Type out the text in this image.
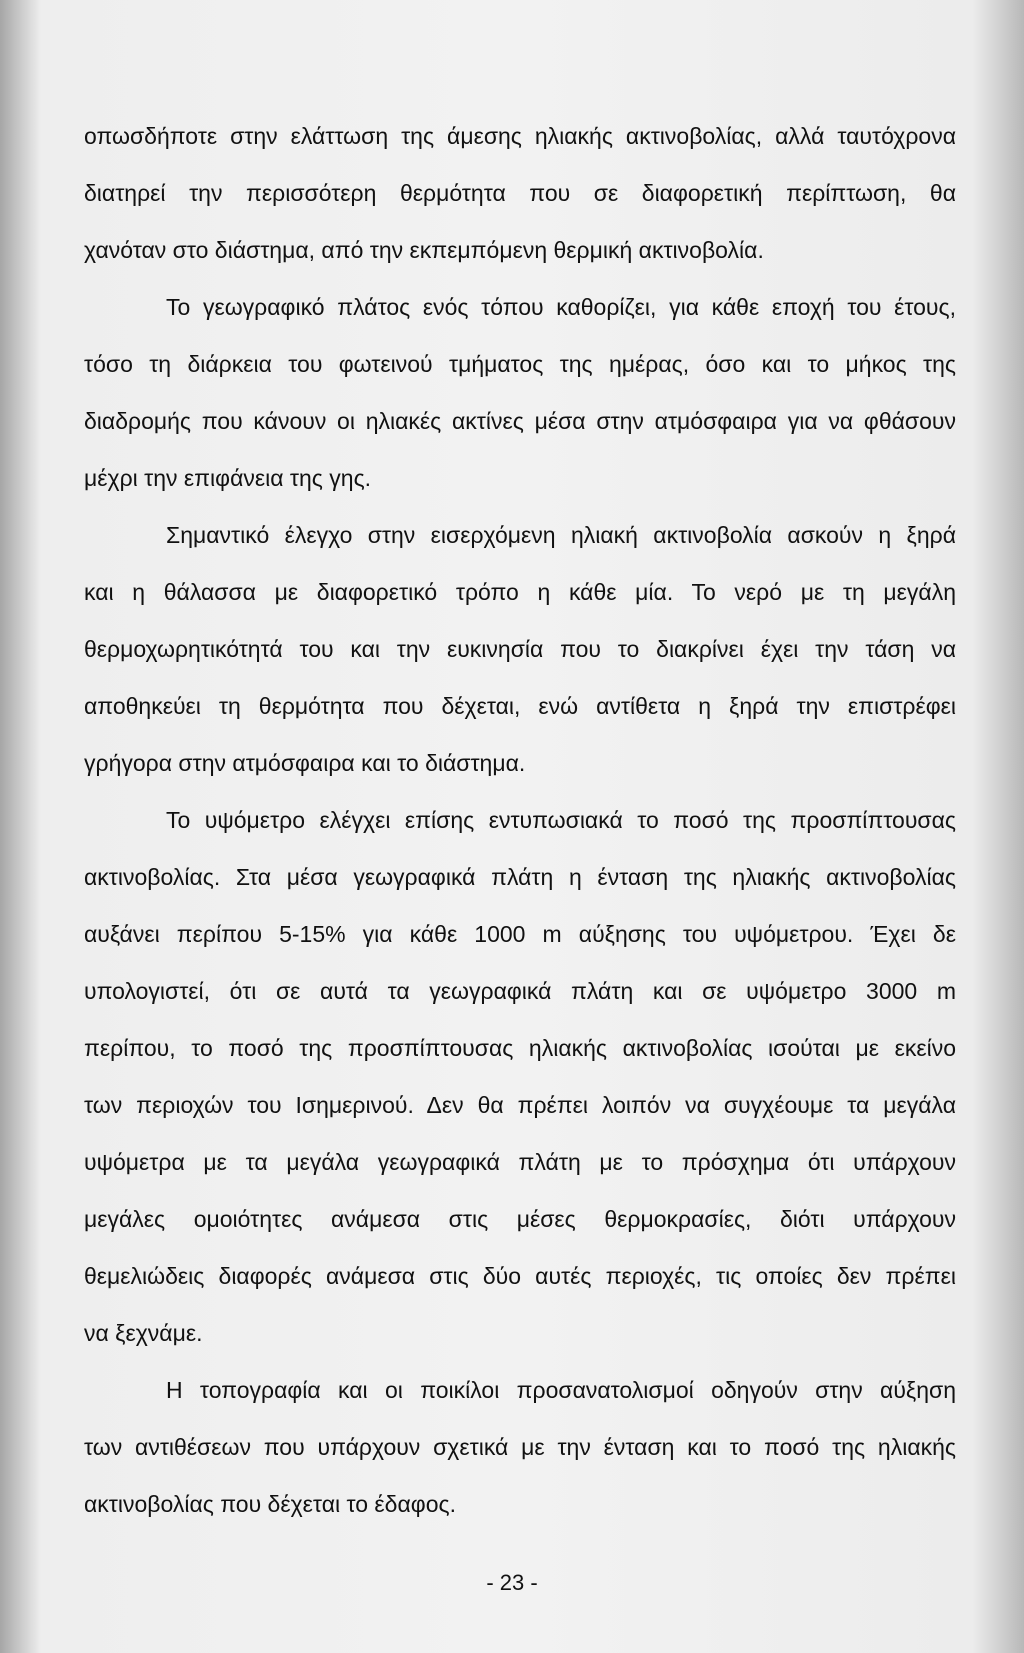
οπωσδήποτε στην ελάττωση της άμεσης ηλιακής ακτινοβολίας, αλλά ταυτόχρονα
διατηρεί την περισσότερη θερμότητα που σε διαφορετική περίπτωση, θα
χανόταν στο διάστημα, από την εκπεμπόμενη θερμική ακτινοβολία.
Το γεωγραφικό πλάτος ενός τόπου καθορίζει, για κάθε εποχή του έτους,
τόσο τη διάρκεια του φωτεινού τμήματος της ημέρας, όσο και το μήκος της
διαδρομής που κάνουν οι ηλιακές ακτίνες μέσα στην ατμόσφαιρα για να φθάσουν
μέχρι την επιφάνεια της γης.
Σημαντικό έλεγχο στην εισερχόμενη ηλιακή ακτινοβολία ασκούν η ξηρά
και η θάλασσα με διαφορετικό τρόπο η κάθε μία. Το νερό με τη μεγάλη
θερμοχωρητικότητά του και την ευκινησία που το διακρίνει έχει την τάση να
αποθηκεύει τη θερμότητα που δέχεται, ενώ αντίθετα η ξηρά την επιστρέφει
γρήγορα στην ατμόσφαιρα και το διάστημα.
Το υψόμετρο ελέγχει επίσης εντυπωσιακά το ποσό της προσπίπτουσας
ακτινοβολίας. Στα μέσα γεωγραφικά πλάτη η ένταση της ηλιακής ακτινοβολίας
αυξάνει περίπου 5-15% για κάθε 1000 m αύξησης του υψόμετρου. Έχει δε
υπολογιστεί, ότι σε αυτά τα γεωγραφικά πλάτη και σε υψόμετρο 3000 m
περίπου, το ποσό της προσπίπτουσας ηλιακής ακτινοβολίας ισούται με εκείνο
των περιοχών του Ισημερινού. Δεν θα πρέπει λοιπόν να συγχέουμε τα μεγάλα
υψόμετρα με τα μεγάλα γεωγραφικά πλάτη με το πρόσχημα ότι υπάρχουν
μεγάλες ομοιότητες ανάμεσα στις μέσες θερμοκρασίες, διότι υπάρχουν
θεμελιώδεις διαφορές ανάμεσα στις δύο αυτές περιοχές, τις οποίες δεν πρέπει
να ξεχνάμε.
Η τοπογραφία και οι ποικίλοι προσανατολισμοί οδηγούν στην αύξηση
των αντιθέσεων που υπάρχουν σχετικά με την ένταση και το ποσό της ηλιακής
ακτινοβολίας που δέχεται το έδαφος.
- 23 -
